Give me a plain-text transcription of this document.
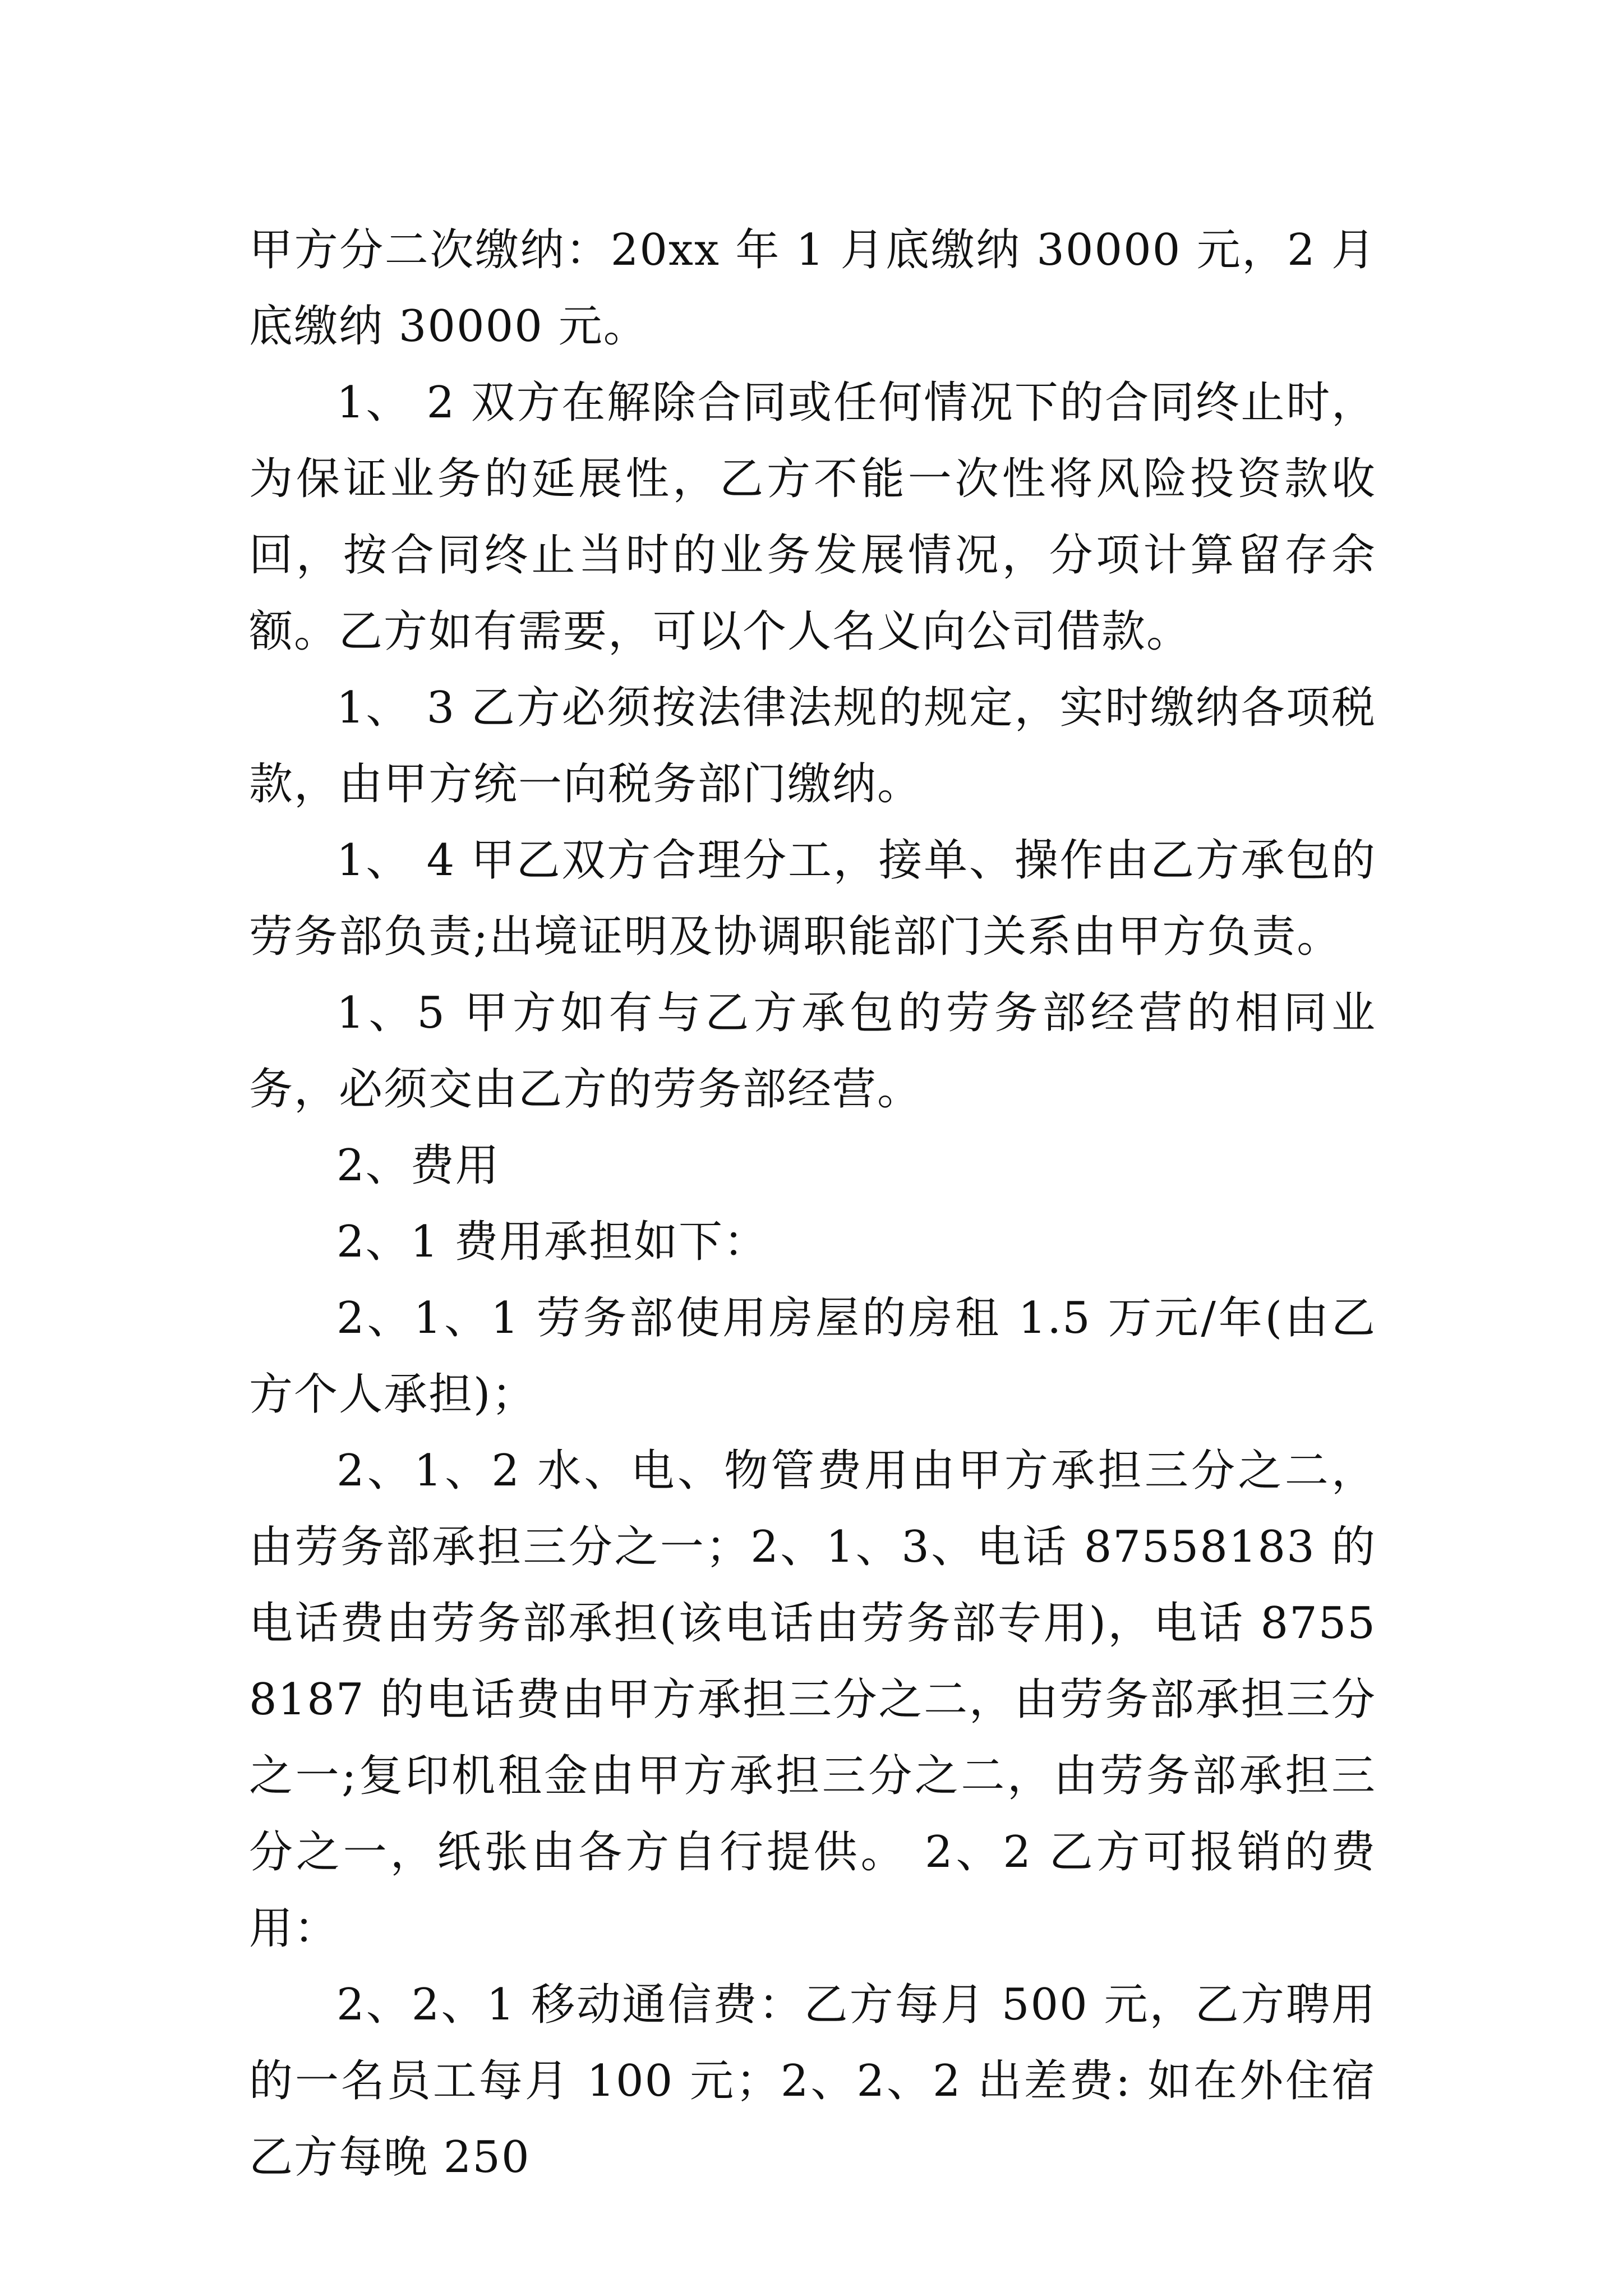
甲方分二次缴纳：20xx 年 1 月底缴纳 30000 元，2 月底缴纳 30000 元。

1、 2 双方在解除合同或任何情况下的合同终止时，为保证业务的延展性，乙方不能一次性将风险投资款收回，按合同终止当时的业务发展情况，分项计算留存余额。乙方如有需要，可以个人名义向公司借款。

1、 3 乙方必须按法律法规的规定，实时缴纳各项税款，由甲方统一向税务部门缴纳。

1、 4 甲乙双方合理分工，接单、操作由乙方承包的劳务部负责;出境证明及协调职能部门关系由甲方负责。

1、5 甲方如有与乙方承包的劳务部经营的相同业务，必须交由乙方的劳务部经营。

2、费用

2、1 费用承担如下：

2、1、1 劳务部使用房屋的房租 1.5 万元/年(由乙方个人承担)；

2、1、2 水、电、物管费用由甲方承担三分之二，由劳务部承担三分之一；2、1、3、电话 87558183 的电话费由劳务部承担(该电话由劳务部专用)，电话 87558187 的电话费由甲方承担三分之二，由劳务部承担三分之一;复印机租金由甲方承担三分之二，由劳务部承担三分之一，纸张由各方自行提供。 2、2 乙方可报销的费用：

2、2、1 移动通信费：乙方每月 500 元，乙方聘用的一名员工每月 100 元；2、2、2 出差费: 如在外住宿乙方每晚 250
